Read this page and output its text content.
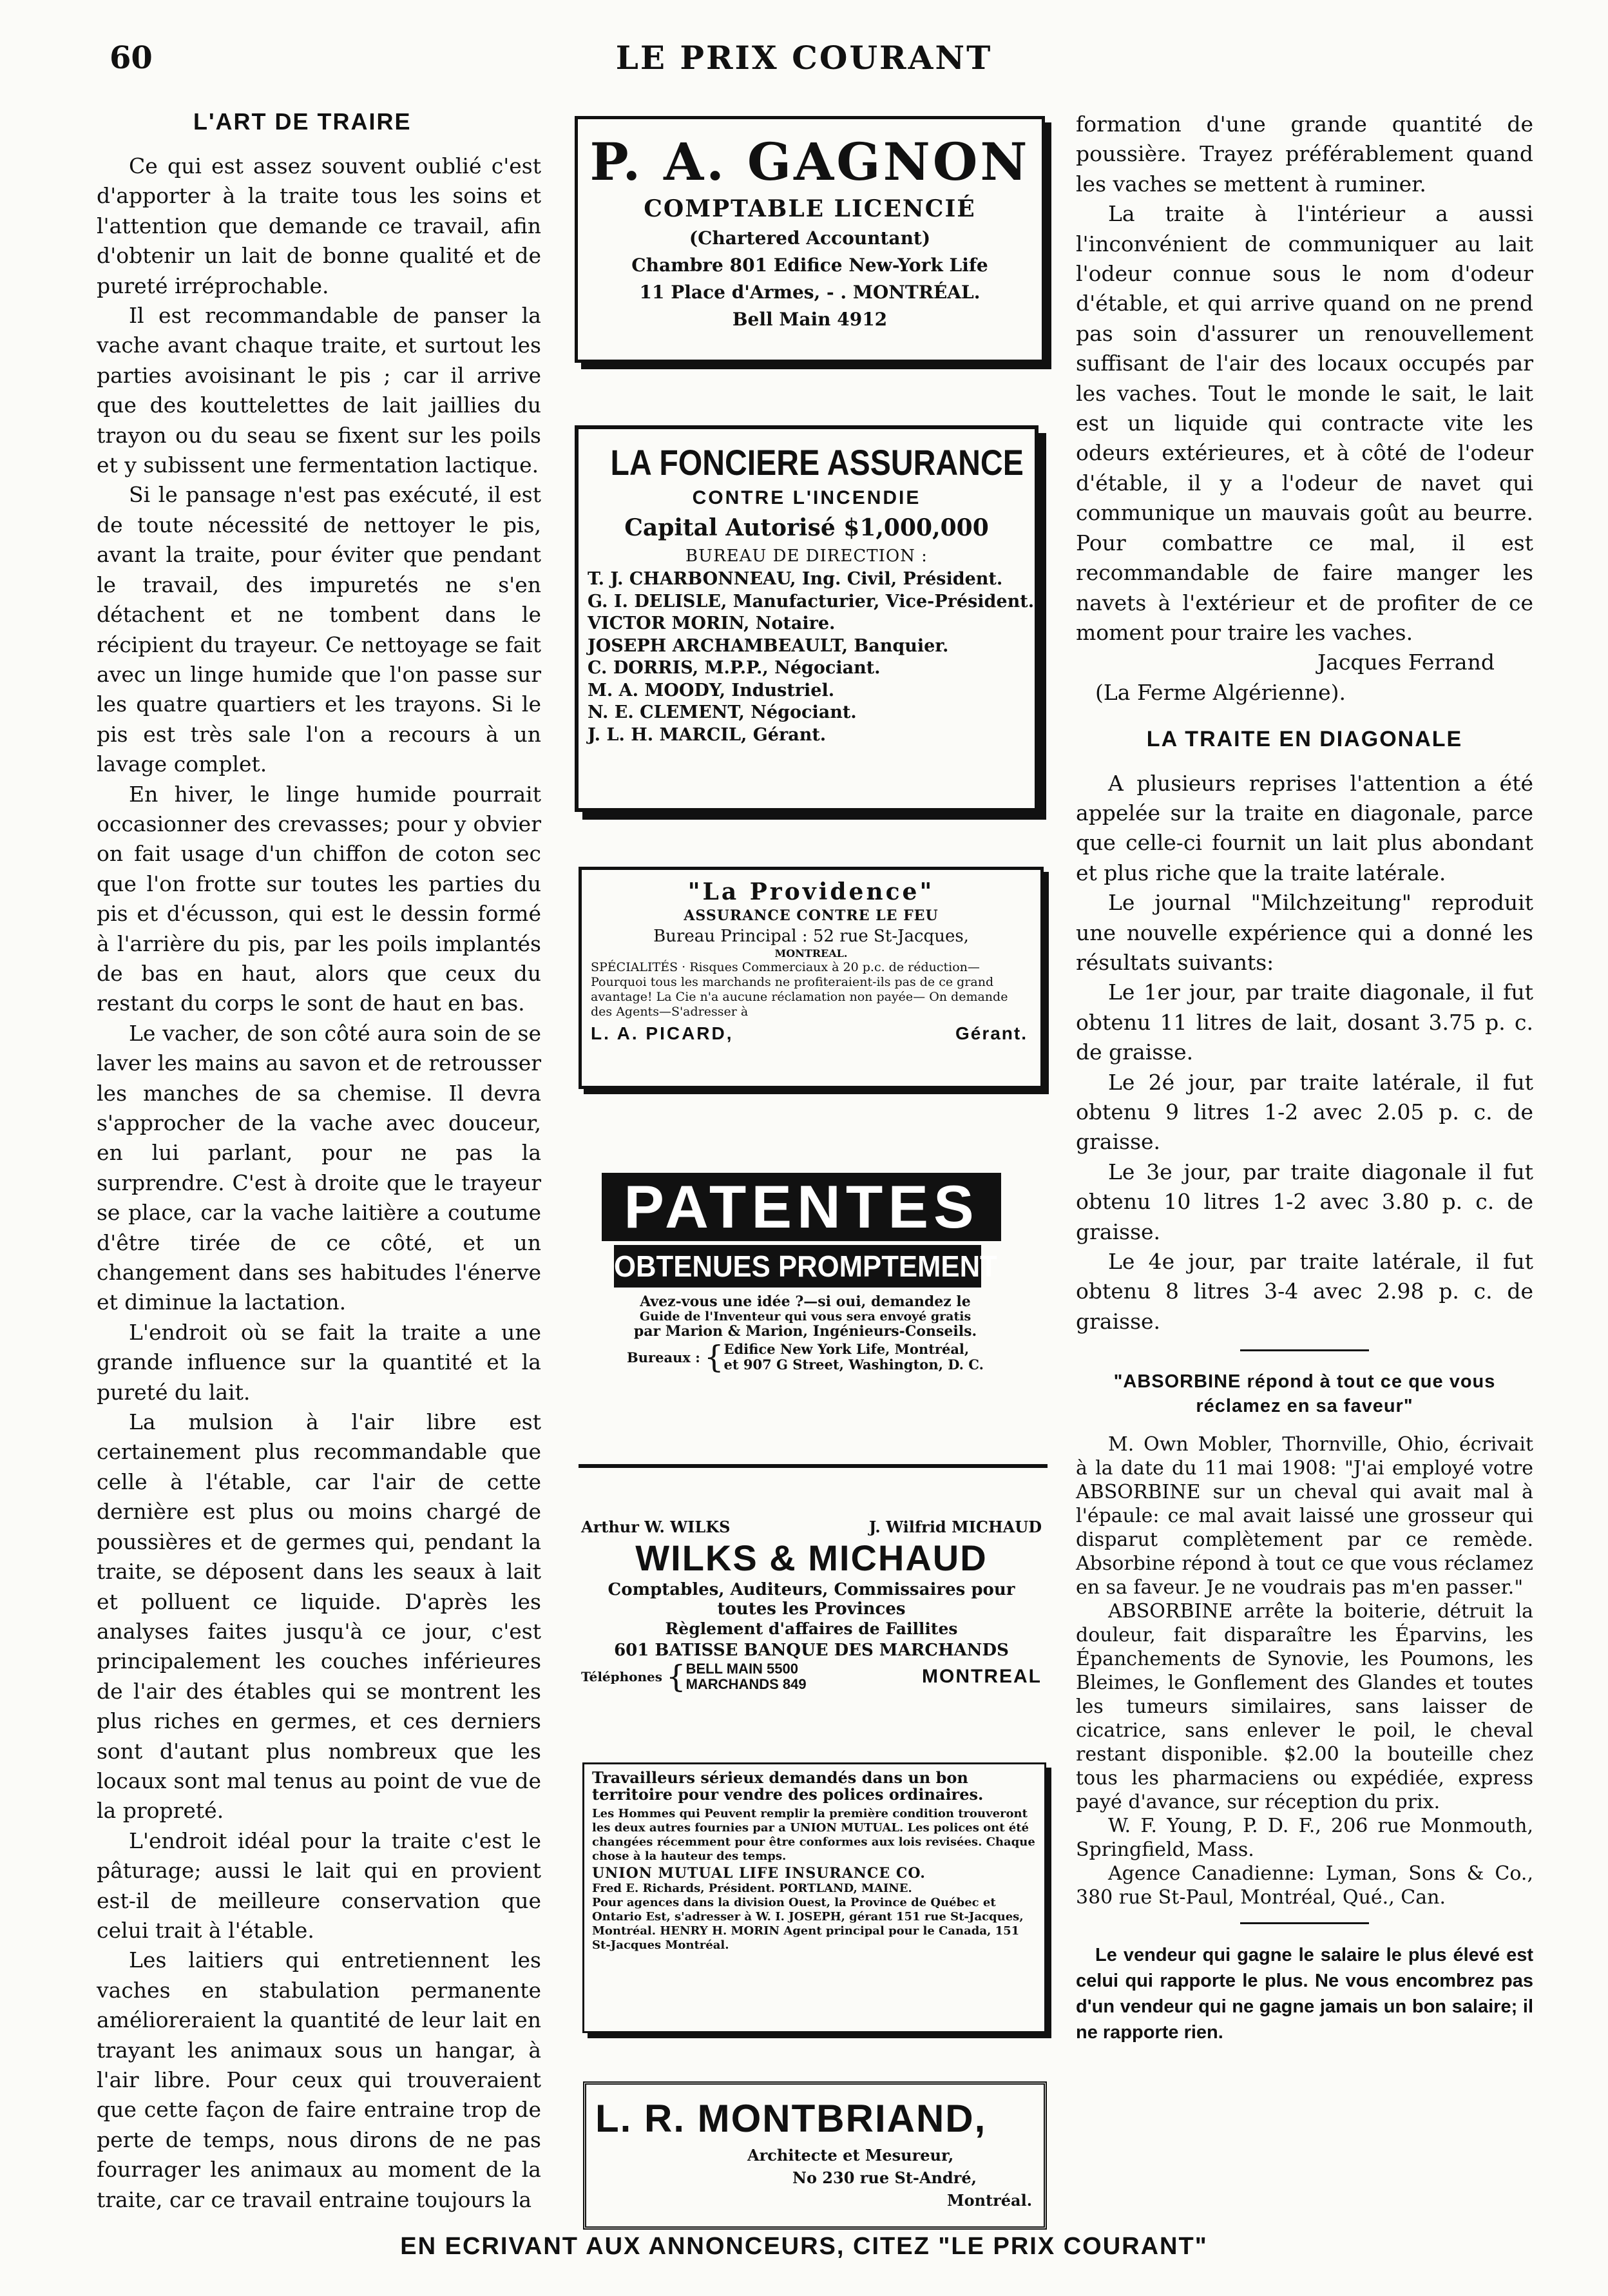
60	LE PRIX COURANT
L'ART DE TRAIRE

Ce qui est assez souvent oublié c'est d'apporter à la traite tous les soins et l'attention que demande ce travail, afin d'obtenir un lait de bonne qualité et de pureté irréprochable.

Il est recommandable de panser la vache avant chaque traite, et surtout les parties avoisinant le pis ; car il arrive que des kouttelettes de lait jaillies du trayon ou du seau se fixent sur les poils et y subissent une fermentation lactique.

Si le pansage n'est pas exécuté, il est de toute nécessité de nettoyer le pis, avant la traite, pour éviter que pendant le travail, des impuretés ne s'en détachent et ne tombent dans le récipient du trayeur. Ce nettoyage se fait avec un linge humide que l'on passe sur les quatre quartiers et les trayons. Si le pis est très sale l'on a recours à un lavage complet.

En hiver, le linge humide pourrait occasionner des crevasses; pour y obvier on fait usage d'un chiffon de coton sec que l'on frotte sur toutes les parties du pis et d'écusson, qui est le dessin formé à l'arrière du pis, par les poils implantés de bas en haut, alors que ceux du restant du corps le sont de haut en bas.

Le vacher, de son côté aura soin de se laver les mains au savon et de retrousser les manches de sa chemise. Il devra s'approcher de la vache avec douceur, en lui parlant, pour ne pas la surprendre. C'est à droite que le trayeur se place, car la vache laitière a coutume d'être tirée de ce côté, et un changement dans ses habitudes l'énerve et diminue la lactation.

L'endroit où se fait la traite a une grande influence sur la quantité et la pureté du lait.

La mulsion à l'air libre est certainement plus recommandable que celle à l'étable, car l'air de cette dernière est plus ou moins chargé de poussières et de germes qui, pendant la traite, se déposent dans les seaux à lait et polluent ce liquide. D'après les analyses faites jusqu'à ce jour, c'est principalement les couches inférieures de l'air des étables qui se montrent les plus riches en germes, et ces derniers sont d'autant plus nombreux que les locaux sont mal tenus au point de vue de la propreté.

L'endroit idéal pour la traite c'est le pâturage; aussi le lait qui en provient est-il de meilleure conservation que celui trait à l'étable.

Les laitiers qui entretiennent les vaches en stabulation permanente amélioreraient la quantité de leur lait en trayant les animaux sous un hangar, à l'air libre. Pour ceux qui trouveraient que cette façon de faire entraine trop de perte de temps, nous dirons de ne pas fourrager les animaux au moment de la traite, car ce travail entraine toujours la

P. A. GAGNON
COMPTABLE LICENCIÉ
(Chartered Accountant)
Chambre 801 Edifice New-York Life
11 Place d'Armes, - . MONTRÉAL.
Bell Main 4912
LA FONCIERE ASSURANCE
CONTRE L'INCENDIE
Capital Autorisé $1,000,000
BUREAU DE DIRECTION :
T. J. CHARBONNEAU, Ing. Civil, Président.
G. I. DELISLE, Manufacturier, Vice-Président.
VICTOR MORIN, Notaire.
JOSEPH ARCHAMBEAULT, Banquier.
C. DORRIS, M.P.P., Négociant.
M. A. MOODY, Industriel.
N. E. CLEMENT, Négociant.
J. L. H. MARCIL, Gérant.
"La Providence"
ASSURANCE CONTRE LE FEU
Bureau Principal : 52 rue St-Jacques,
MONTREAL.
SPÉCIALITÉS · Risques Commerciaux à 20 p.c. de réduction— Pourquoi tous les marchands ne profiteraient-ils pas de ce grand avantage! La Cie n'a aucune réclamation non payée— On demande des Agents—S'adresser à
L. A. PICARD,	Gérant.
PATENTES
OBTENUES PROMPTEMENT
Avez-vous une idée ?—si oui, demandez le
Guide de l'Inventeur qui vous sera envoyé gratis
par Marion & Marion, Ingénieurs-Conseils.
Bureaux : { Edifice New York Life, Montréal,
et 907 G Street, Washington, D. C.
Arthur W. WILKS	J. Wilfrid MICHAUD
WILKS & MICHAUD
Comptables, Auditeurs, Commissaires pour
toutes les Provinces
Règlement d'affaires de Faillites
601 BATISSE BANQUE DES MARCHANDS
Téléphones { BELL MAIN 5500
MARCHANDS 849	MONTREAL
Travailleurs sérieux demandés dans un bon territoire pour vendre des polices ordinaires.
Les Hommes qui Peuvent remplir la première condition trouveront les deux autres fournies par a UNION MUTUAL. Les polices ont été changées récemment pour être conformes aux lois revisées. Chaque chose à la hauteur des temps.
UNION MUTUAL LIFE INSURANCE CO.
Fred E. Richards, Président. PORTLAND, MAINE.
Pour agences dans la division Ouest, la Province de Québec et Ontario Est, s'adresser à W. I. JOSEPH, gérant 151 rue St-Jacques, Montréal. HENRY H. MORIN Agent principal pour le Canada, 151 St-Jacques Montréal.
L. R. MONTBRIAND,
Architecte et Mesureur,
No 230 rue St-André,
Montréal.

formation d'une grande quantité de poussière. Trayez préférablement quand les vaches se mettent à ruminer.

La traite à l'intérieur a aussi l'inconvénient de communiquer au lait l'odeur connue sous le nom d'odeur d'étable, et qui arrive quand on ne prend pas soin d'assurer un renouvellement suffisant de l'air des locaux occupés par les vaches. Tout le monde le sait, le lait est un liquide qui contracte vite les odeurs extérieures, et à côté de l'odeur d'étable, il y a l'odeur de navet qui communique un mauvais goût au beurre. Pour combattre ce mal, il est recommandable de faire manger les navets à l'extérieur et de profiter de ce moment pour traire les vaches.

Jacques Ferrand

(La Ferme Algérienne).

LA TRAITE EN DIAGONALE

A plusieurs reprises l'attention a été appelée sur la traite en diagonale, parce que celle-ci fournit un lait plus abondant et plus riche que la traite latérale.

Le journal "Milchzeitung" reproduit une nouvelle expérience qui a donné les résultats suivants:

Le 1er jour, par traite diagonale, il fut obtenu 11 litres de lait, dosant 3.75 p. c. de graisse.

Le 2é jour, par traite latérale, il fut obtenu 9 litres 1-2 avec 2.05 p. c. de graisse.

Le 3e jour, par traite diagonale il fut obtenu 10 litres 1-2 avec 3.80 p. c. de graisse.

Le 4e jour, par traite latérale, il fut obtenu 8 litres 3-4 avec 2.98 p. c. de graisse.

"ABSORBINE répond à tout ce que vous réclamez en sa faveur"

M. Own Mobler, Thornville, Ohio, écrivait à la date du 11 mai 1908: "J'ai employé votre ABSORBINE sur un cheval qui avait mal à l'épaule: ce mal avait laissé une grosseur qui disparut complètement par ce remède. Absorbine répond à tout ce que vous réclamez en sa faveur. Je ne voudrais pas m'en passer."

ABSORBINE arrête la boiterie, détruit la douleur, fait disparaître les Éparvins, les Épanchements de Synovie, les Poumons, les Bleimes, le Gonflement des Glandes et toutes les tumeurs similaires, sans laisser de cicatrice, sans enlever le poil, le cheval restant disponible. $2.00 la bouteille chez tous les pharmaciens ou expédiée, express payé d'avance, sur réception du prix.

W. F. Young, P. D. F., 206 rue Monmouth, Springfield, Mass.

Agence Canadienne: Lyman, Sons & Co., 380 rue St-Paul, Montréal, Qué., Can.

Le vendeur qui gagne le salaire le plus élevé est celui qui rapporte le plus. Ne vous encombrez pas d'un vendeur qui ne gagne jamais un bon salaire; il ne rapporte rien.

EN ECRIVANT AUX ANNONCEURS, CITEZ "LE PRIX COURANT"
